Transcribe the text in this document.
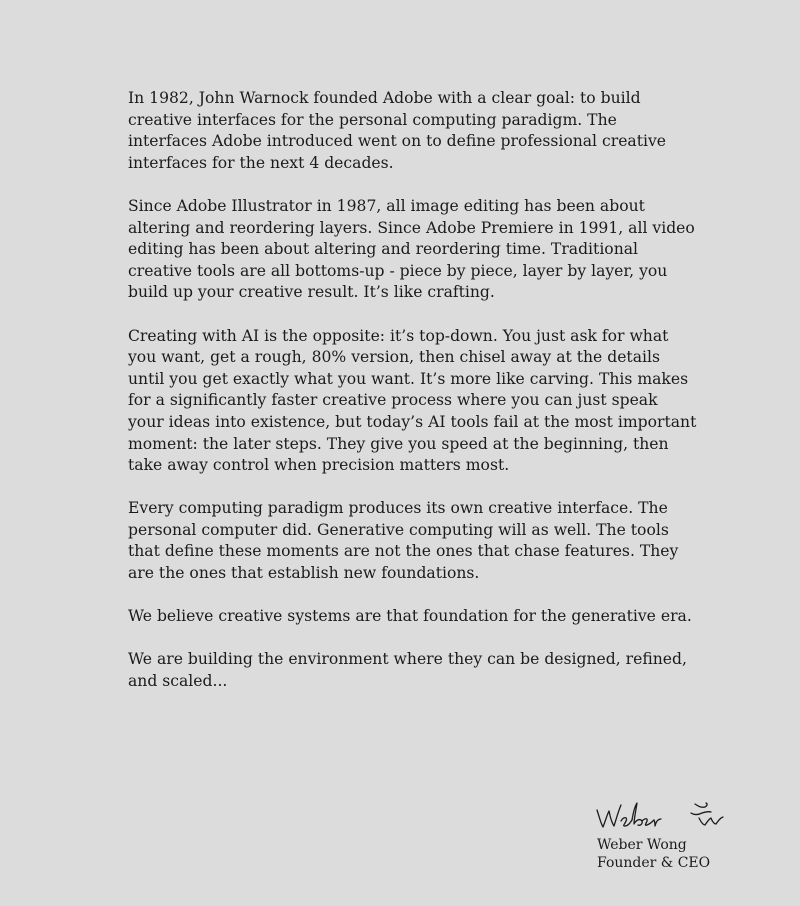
In 1982, John Warnock founded Adobe with a clear goal: to build creative interfaces for the personal computing paradigm. The interfaces Adobe introduced went on to define professional creative interfaces for the next 4 decades.

Since Adobe Illustrator in 1987, all image editing has been about altering and reordering layers. Since Adobe Premiere in 1991, all video editing has been about altering and reordering time. Traditional creative tools are all bottoms-up - piece by piece, layer by layer, you build up your creative result. It’s like crafting.

Creating with AI is the opposite: it’s top-down. You just ask for what you want, get a rough, 80% version, then chisel away at the details until you get exactly what you want. It’s more like carving. This makes for a significantly faster creative process where you can just speak your ideas into existence, but today’s AI tools fail at the most important moment: the later steps. They give you speed at the beginning, then take away control when precision matters most.

Every computing paradigm produces its own creative interface. The personal computer did. Generative computing will as well. The tools that define these moments are not the ones that chase features. They are the ones that establish new foundations.

We believe creative systems are that foundation for the generative era.

We are building the environment where they can be designed, refined, and scaled...

Weber Wong
Founder & CEO
